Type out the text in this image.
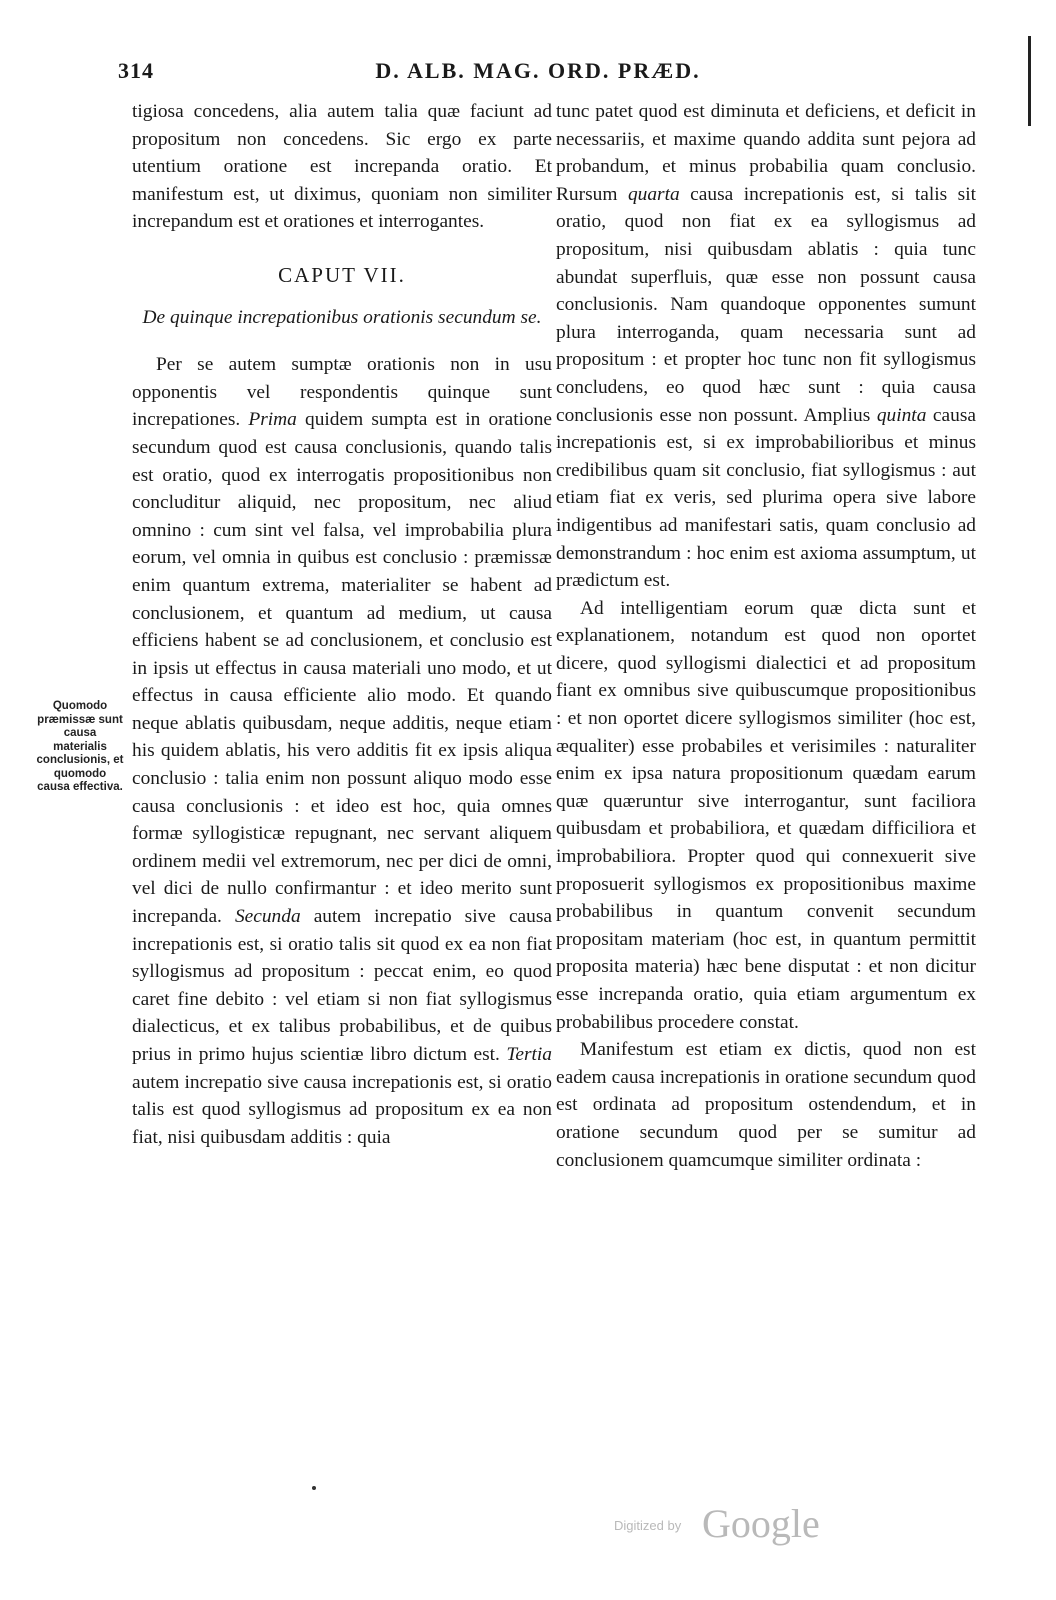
314	D. ALB. MAG. ORD. PRÆD.
Quomodo præmissæ sunt causa materialis conclusionis, et quomodo causa effectiva.

tigiosa concedens, alia autem talia quæ faciunt ad propositum non concedens. Sic ergo ex parte utentium oratione est increpanda oratio. Et manifestum est, ut diximus, quoniam non similiter increpandum est et orationes et interrogantes.

CAPUT VII.
De quinque increpationibus orationis secundum se.

Per se autem sumptæ orationis non in usu opponentis vel respondentis quinque sunt increpationes. Prima quidem sumpta est in oratione secundum quod est causa conclusionis, quando talis est oratio, quod ex interrogatis propositionibus non concluditur aliquid, nec propositum, nec aliud omnino : cum sint vel falsa, vel improbabilia plura eorum, vel omnia in quibus est conclusio : præmissæ enim quantum extrema, materialiter se habent ad conclusionem, et quantum ad medium, ut causa efficiens habent se ad conclusionem, et conclusio est in ipsis ut effectus in causa materiali uno modo, et ut effectus in causa efficiente alio modo. Et quando neque ablatis quibusdam, neque additis, neque etiam his quidem ablatis, his vero additis fit ex ipsis aliqua conclusio : talia enim non possunt aliquo modo esse causa conclusionis : et ideo est hoc, quia omnes formæ syllogisticæ repugnant, nec servant aliquem ordinem medii vel extremorum, nec per dici de omni, vel dici de nullo confirmantur : et ideo merito sunt increpanda. Secunda autem increpatio sive causa increpationis est, si oratio talis sit quod ex ea non fiat syllogismus ad propositum : peccat enim, eo quod caret fine debito : vel etiam si non fiat syllogismus dialecticus, et ex talibus probabilibus, et de quibus prius in primo hujus scientiæ libro dictum est. Tertia autem increpatio sive causa increpationis est, si oratio talis est quod syllogismus ad propositum ex ea non fiat, nisi quibusdam additis : quia

tunc patet quod est diminuta et deficiens, et deficit in necessariis, et maxime quando addita sunt pejora ad probandum, et minus probabilia quam conclusio. Rursum quarta causa increpationis est, si talis sit oratio, quod non fiat ex ea syllogismus ad propositum, nisi quibusdam ablatis : quia tunc abundat superfluis, quæ esse non possunt causa conclusionis. Nam quandoque opponentes sumunt plura interroganda, quam necessaria sunt ad propositum : et propter hoc tunc non fit syllogismus concludens, eo quod hæc sunt : quia causa conclusionis esse non possunt. Amplius quinta causa increpationis est, si ex improbabilioribus et minus credibilibus quam sit conclusio, fiat syllogismus : aut etiam fiat ex veris, sed plurima opera sive labore indigentibus ad manifestari satis, quam conclusio ad demonstrandum : hoc enim est axioma assumptum, ut prædictum est.

Ad intelligentiam eorum quæ dicta sunt et explanationem, notandum est quod non oportet dicere, quod syllogismi dialectici et ad propositum fiant ex omnibus sive quibuscumque propositionibus : et non oportet dicere syllogismos similiter (hoc est, æqualiter) esse probabiles et verisimiles : naturaliter enim ex ipsa natura propositionum quædam earum quæ quæruntur sive interrogantur, sunt faciliora quibusdam et probabiliora, et quædam difficiliora et improbabiliora. Propter quod qui connexuerit sive proposuerit syllogismos ex propositionibus maxime probabilibus in quantum convenit secundum propositam materiam (hoc est, in quantum permittit proposita materia) hæc bene disputat : et non dicitur esse increpanda oratio, quia etiam argumentum ex probabilibus procedere constat.

Manifestum est etiam ex dictis, quod non est eadem causa increpationis in oratione secundum quod est ordinata ad propositum ostendendum, et in oratione secundum quod per se sumitur ad conclusionem quamcumque similiter ordinata :

Digitized by Google
